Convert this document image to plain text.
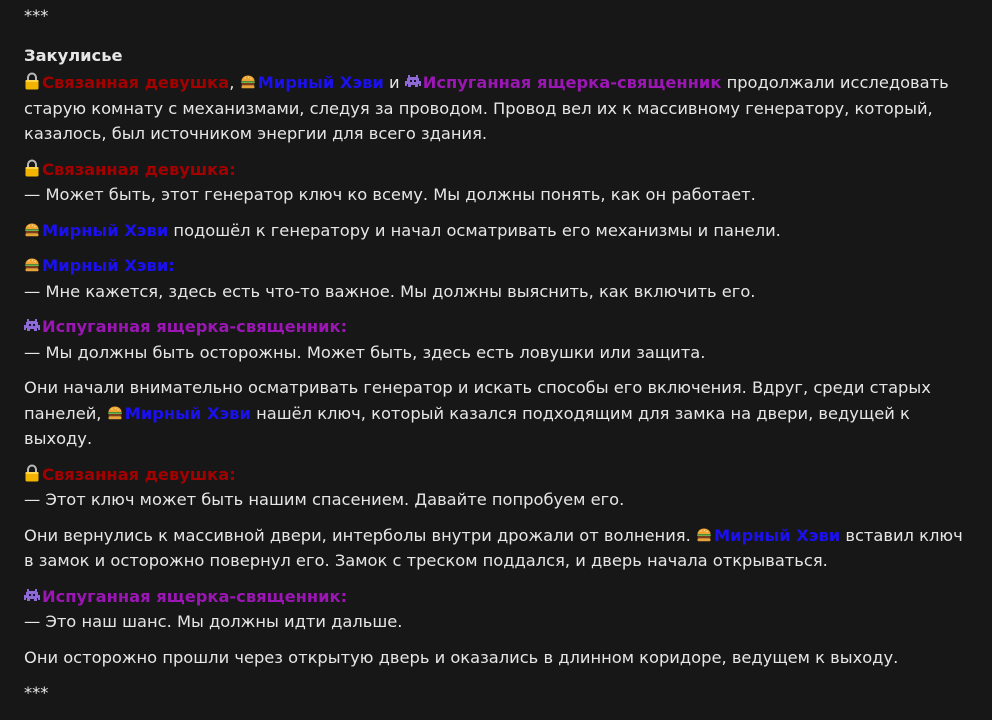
***

Закулисье

Связанная девушка, Мирный Хэви и Испуганная ящерка-священник продолжали исследовать старую комнату с механизмами, следуя за проводом. Провод вел их к массивному генератору, который, казалось, был источником энергии для всего здания.

Связанная девушка:
— Может быть, этот генератор ключ ко всему. Мы должны понять, как он работает.

Мирный Хэви подошёл к генератору и начал осматривать его механизмы и панели.

Мирный Хэви:
— Мне кажется, здесь есть что-то важное. Мы должны выяснить, как включить его.

Испуганная ящерка-священник:
— Мы должны быть осторожны. Может быть, здесь есть ловушки или защита.

Они начали внимательно осматривать генератор и искать способы его включения. Вдруг, среди старых панелей, Мирный Хэви нашёл ключ, который казался подходящим для замка на двери, ведущей к выходу.

Связанная девушка:
— Этот ключ может быть нашим спасением. Давайте попробуем его.

Они вернулись к массивной двери, интерболы внутри дрожали от волнения. Мирный Хэви вставил ключ в замок и осторожно повернул его. Замок с треском поддался, и дверь начала открываться.

Испуганная ящерка-священник:
— Это наш шанс. Мы должны идти дальше.

Они осторожно прошли через открытую дверь и оказались в длинном коридоре, ведущем к выходу.

***
